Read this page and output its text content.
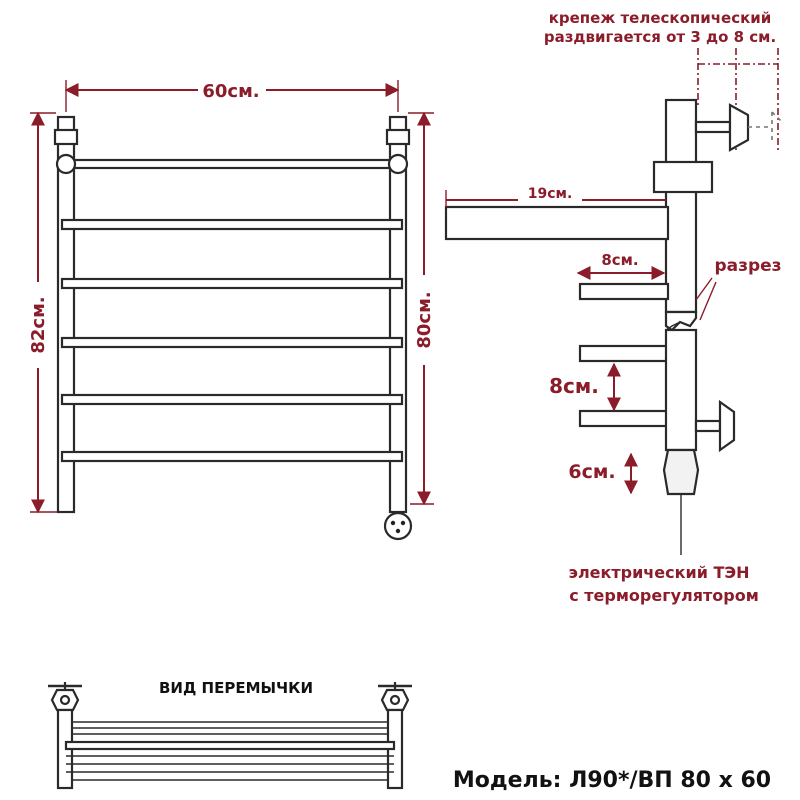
60см.
82см.	80см.
крепеж телескопический
раздвигается от 3 до 8 см.
19см.
8см.	разрез
8см.
6см.
электрический ТЭН
с терморегулятором
ВИД ПЕРЕМЫЧКИ
Модель: Л90*/ВП 80 х 60
